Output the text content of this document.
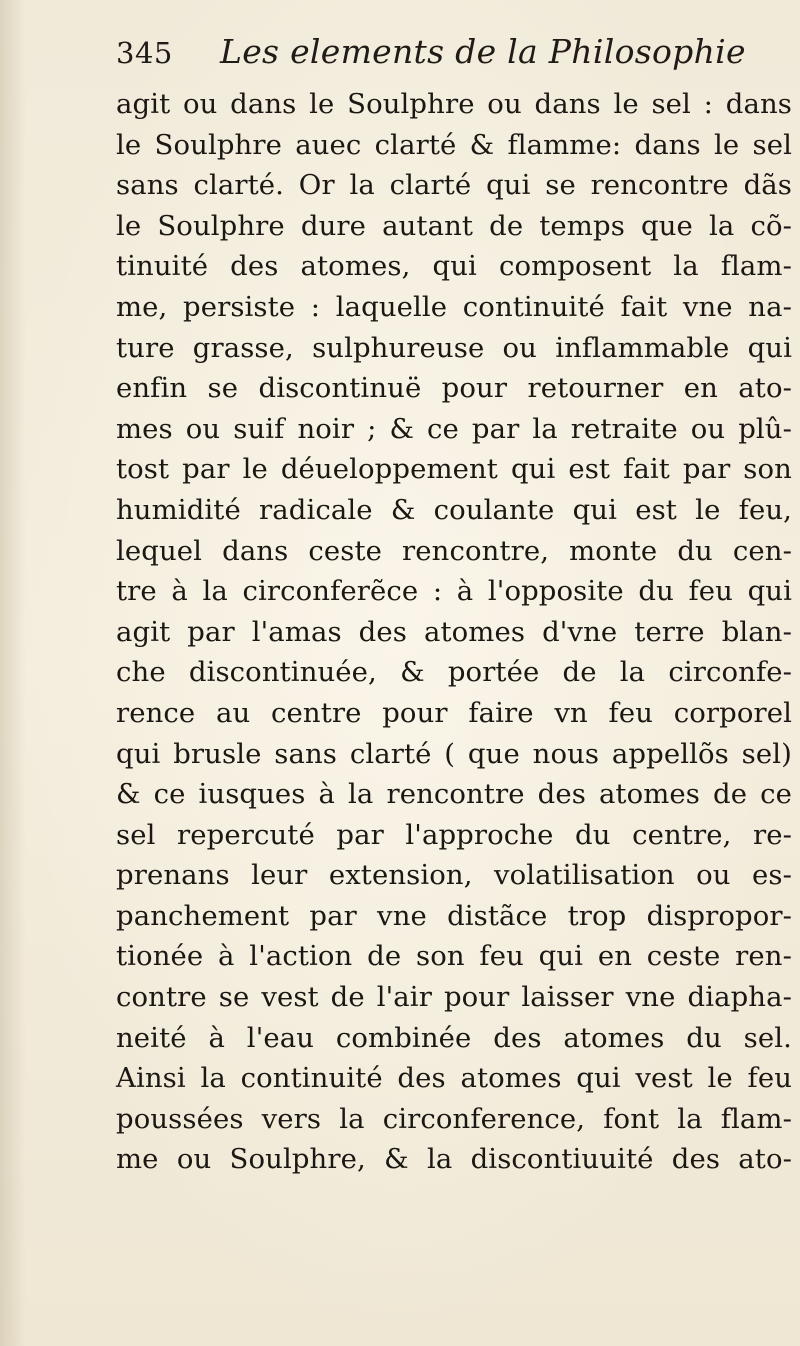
345 Les elements de la Philosophie
agit ou dans le Soulphre ou dans le sel : dans
le Soulphre auec clarté & flamme: dans le sel
sans clarté. Or la clarté qui se rencontre dãs
le Soulphre dure autant de temps que la cõ-
tinuité des atomes, qui composent la flam-
me, persiste : laquelle continuité fait vne na-
ture grasse, sulphureuse ou inflammable qui
enfin se discontinuë pour retourner en ato-
mes ou suif noir ; & ce par la retraite ou plû-
tost par le déueloppement qui est fait par son
humidité radicale & coulante qui est le feu,
lequel dans ceste rencontre, monte du cen-
tre à la circonferẽce : à l'opposite du feu qui
agit par l'amas des atomes d'vne terre blan-
che discontinuée, & portée de la circonfe-
rence au centre pour faire vn feu corporel
qui brusle sans clarté ( que nous appellõs sel)
& ce iusques à la rencontre des atomes de ce
sel repercuté par l'approche du centre, re-
prenans leur extension, volatilisation ou es-
panchement par vne distãce trop dispropor-
tionée à l'action de son feu qui en ceste ren-
contre se vest de l'air pour laisser vne diapha-
neité à l'eau combinée des atomes du sel.
Ainsi la continuité des atomes qui vest le feu
poussées vers la circonference, font la flam-
me ou Soulphre, & la discontiuuité des ato-
